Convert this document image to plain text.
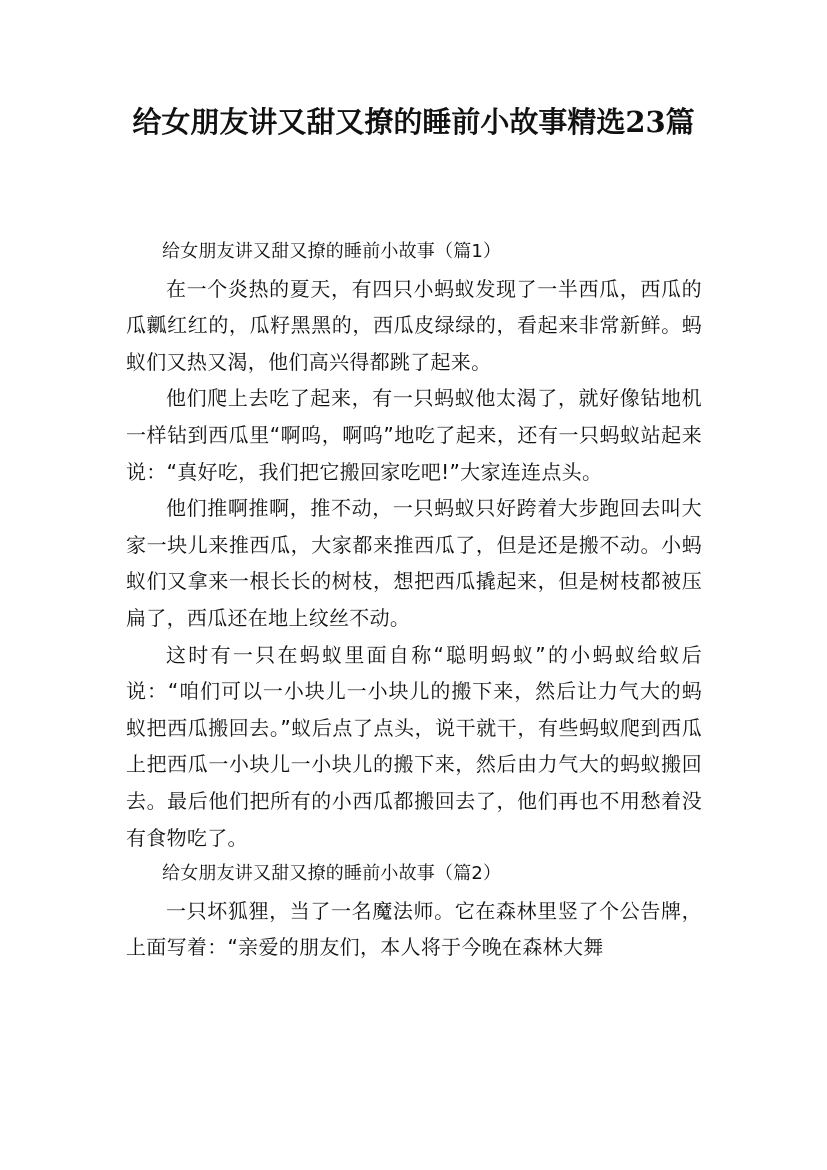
给女朋友讲又甜又撩的睡前小故事精选23篇

给女朋友讲又甜又撩的睡前小故事（篇1）

在一个炎热的夏天，有四只小蚂蚁发现了一半西瓜，西瓜的瓜瓤红红的，瓜籽黑黑的，西瓜皮绿绿的，看起来非常新鲜。蚂蚁们又热又渴，他们高兴得都跳了起来。

他们爬上去吃了起来，有一只蚂蚁他太渴了，就好像钻地机一样钻到西瓜里“啊呜，啊呜”地吃了起来，还有一只蚂蚁站起来说：“真好吃，我们把它搬回家吃吧!”大家连连点头。

他们推啊推啊，推不动，一只蚂蚁只好跨着大步跑回去叫大家一块儿来推西瓜，大家都来推西瓜了，但是还是搬不动。小蚂蚁们又拿来一根长长的树枝，想把西瓜撬起来，但是树枝都被压扁了，西瓜还在地上纹丝不动。

这时有一只在蚂蚁里面自称“聪明蚂蚁”的小蚂蚁给蚁后说：“咱们可以一小块儿一小块儿的搬下来，然后让力气大的蚂蚁把西瓜搬回去。”蚁后点了点头，说干就干，有些蚂蚁爬到西瓜上把西瓜一小块儿一小块儿的搬下来，然后由力气大的蚂蚁搬回去。最后他们把所有的小西瓜都搬回去了，他们再也不用愁着没有食物吃了。

给女朋友讲又甜又撩的睡前小故事（篇2）

一只坏狐狸，当了一名魔法师。它在森林里竖了个公告牌，上面写着：“亲爱的朋友们，本人将于今晚在森林大舞
